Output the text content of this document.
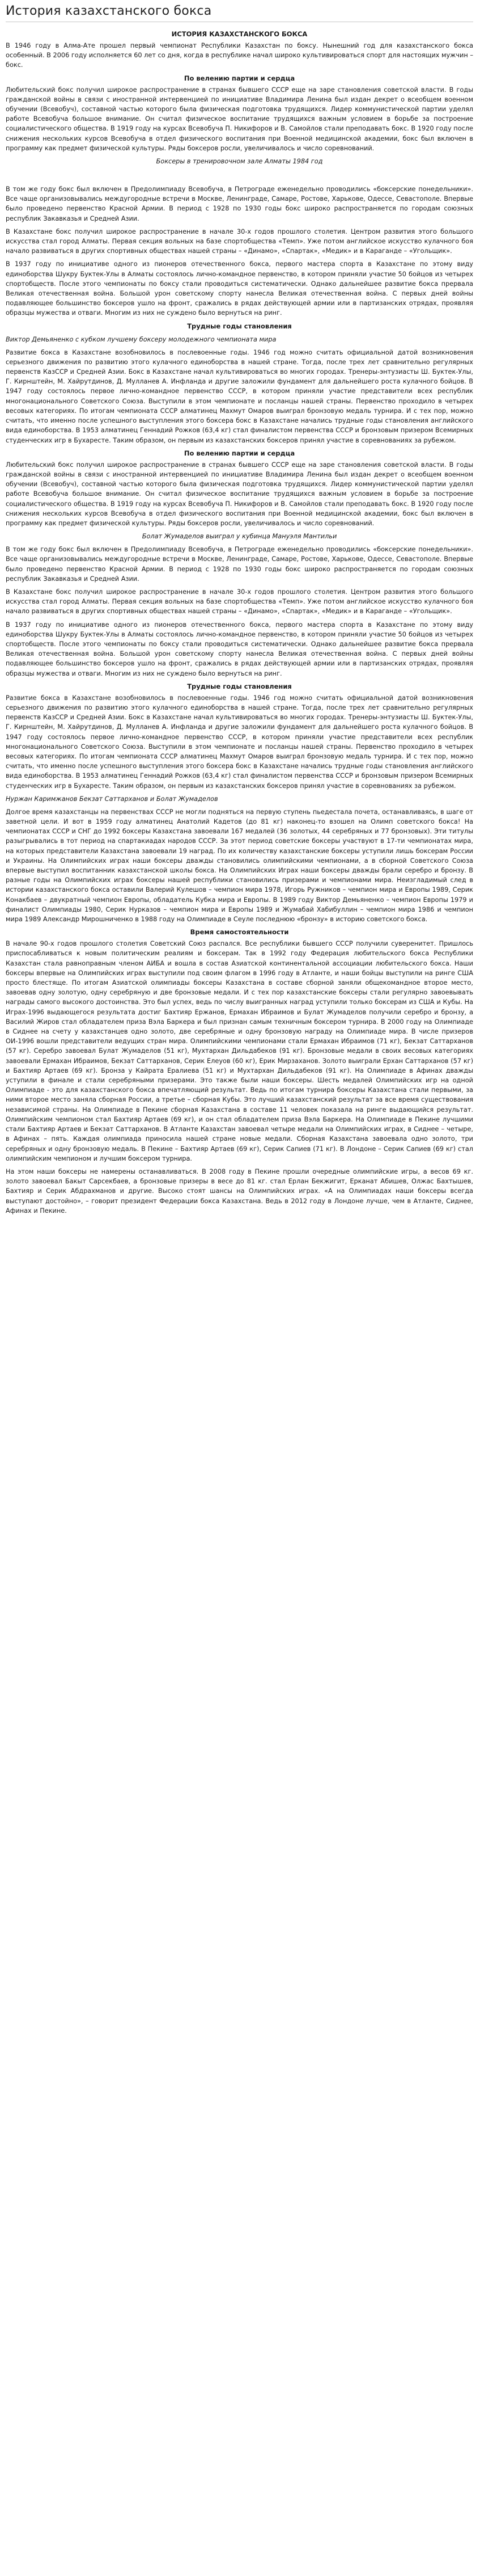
История казахстанского бокса
ИСТОРИЯ КАЗАХСТАНСКОГО БОКСА
В 1946 году в Алма-Ате прошел первый чемпионат Республики Казахстан по боксу. Нынешний год для казахстанского бокса особенный. В 2006 году исполняется 60 лет со дня, когда в республике начал широко культивироваться спорт для настоящих мужчин – бокс.
По велению партии и сердца
Любительский бокс получил широкое распространение в странах бывшего СССР еще на заре становления советской власти. В годы гражданской войны в связи с иностранной интервенцией по инициативе Владимира Ленина был издан декрет о всеобщем военном обучении (Всевобуч), составной частью которого была физическая подготовка трудящихся. Лидер коммунистической партии уделял работе Всевобуча большое внимание. Он считал физическое воспитание трудящихся важным условием в борьбе за построение социалистического общества. В 1919 году на курсах Всевобуча П. Никифоров и В. Самойлов стали преподавать бокс. В 1920 году после снижения нескольких курсов Всевобуча в отдел физического воспитания при Военной медицинской академии, бокс был включен в программу как предмет физической культуры. Ряды боксеров росли, увеличивалось и число соревнований.
Боксеры в тренировочном зале Алматы 1984 год
В том же году бокс был включен в Предолимпиаду Всевобуча, в Петрограде еженедельно проводились «боксерские понедельники». Все чаще организовывались междугородные встречи в Москве, Ленинграде, Самаре, Ростове, Харькове, Одессе, Севастополе. Впервые было проведено первенство Красной Армии. В период с 1928 по 1930 годы бокс широко распространяется по городам союзных республик Закавказья и Средней Азии.
В Казахстане бокс получил широкое распространение в начале 30-х годов прошлого столетия. Центром развития этого большого искусства стал город Алматы. Первая секция вольных на базе спортобщества «Темп». Уже потом английское искусство кулачного боя начало развиваться в других спортивных обществах нашей страны – «Динамо», «Спартак», «Медик» и в Караганде – «Угольщик».
В 1937 году по инициативе одного из пионеров отечественного бокса, первого мастера спорта в Казахстане по этому виду единоборства Шукру Буктек-Улы в Алматы состоялось лично-командное первенство, в котором приняли участие 50 бойцов из четырех спортобществ. После этого чемпионаты по боксу стали проводиться систематически. Однако дальнейшее развитие бокса прервала Великая отечественная война. Большой урон советскому спорту нанесла Великая отечественная война. С первых дней войны подавляющее большинство боксеров ушло на фронт, сражались в рядах действующей армии или в партизанских отрядах, проявляя образцы мужества и отваги. Многим из них не суждено было вернуться на ринг.
Трудные годы становления
Виктор Демьяненко с кубком лучшему боксеру молодежного чемпионата мира
Развитие бокса в Казахстане возобновилось в послевоенные годы. 1946 год можно считать официальной датой возникновения серьезного движения по развитию этого кулачного единоборства в нашей стране. Тогда, после трех лет сравнительно регулярных первенств КазССР и Средней Азии. Бокс в Казахстане начал культивироваться во многих городах. Тренеры-энтузиасты Ш. Буктек-Улы, Г. Кирнштейн, М. Хайрутдинов, Д. Мулланев А. Инфланда и другие заложили фундамент для дальнейшего роста кулачного бойцов. В 1947 году состоялось первое лично-командное первенство СССР, в котором приняли участие представители всех республик многонационального Советского Союза. Выступили в этом чемпионате и посланцы нашей страны. Первенство проходило в четырех весовых категориях. По итогам чемпионата СССР алматинец Махмут Омаров выиграл бронзовую медаль турнира. И с тех пор, можно считать, что именно после успешного выступления этого боксера бокс в Казахстане начались трудные годы становления английского вида единоборства. В 1953 алматинец Геннадий Рожков (63,4 кг) стал финалистом первенства СССР и бронзовым призером Всемирных студенческих игр в Бухаресте. Таким образом, он первым из казахстанских боксеров принял участие в соревнованиях за рубежом.
По велению партии и сердца
Любительский бокс получил широкое распространение в странах бывшего СССР еще на заре становления советской власти. В годы гражданской войны в связи с иностранной интервенцией по инициативе Владимира Ленина был издан декрет о всеобщем военном обучении (Всевобуч), составной частью которого была физическая подготовка трудящихся. Лидер коммунистической партии уделял работе Всевобуча большое внимание. Он считал физическое воспитание трудящихся важным условием в борьбе за построение социалистического общества. В 1919 году на курсах Всевобуча П. Никифоров и В. Самойлов стали преподавать бокс. В 1920 году после снижения нескольких курсов Всевобуча в отдел физического воспитания при Военной медицинской академии, бокс был включен в программу как предмет физической культуры. Ряды боксеров росли, увеличивалось и число соревнований.
Болат Жумаделов выиграл у кубинца Мануэля Мантильи
В том же году бокс был включен в Предолимпиаду Всевобуча, в Петрограде еженедельно проводились «боксерские понедельники». Все чаще организовывались междугородные встречи в Москве, Ленинграде, Самаре, Ростове, Харькове, Одессе, Севастополе. Впервые было проведено первенство Красной Армии. В период с 1928 по 1930 годы бокс широко распространяется по городам союзных республик Закавказья и Средней Азии.
В Казахстане бокс получил широкое распространение в начале 30-х годов прошлого столетия. Центром развития этого большого искусства стал город Алматы. Первая секция вольных на базе спортобщества «Темп». Уже потом английское искусство кулачного боя начало развиваться в других спортивных обществах нашей страны – «Динамо», «Спартак», «Медик» и в Караганде – «Угольщик».
В 1937 году по инициативе одного из пионеров отечественного бокса, первого мастера спорта в Казахстане по этому виду единоборства Шукру Буктек-Улы в Алматы состоялось лично-командное первенство, в котором приняли участие 50 бойцов из четырех спортобществ. После этого чемпионаты по боксу стали проводиться систематически. Однако дальнейшее развитие бокса прервала Великая отечественная война. Большой урон советскому спорту нанесла Великая отечественная война. С первых дней войны подавляющее большинство боксеров ушло на фронт, сражались в рядах действующей армии или в партизанских отрядах, проявляя образцы мужества и отваги. Многим из них не суждено было вернуться на ринг.
Трудные годы становления
Развитие бокса в Казахстане возобновилось в послевоенные годы. 1946 год можно считать официальной датой возникновения серьезного движения по развитию этого кулачного единоборства в нашей стране. Тогда, после трех лет сравнительно регулярных первенств КазССР и Средней Азии. Бокс в Казахстане начал культивироваться во многих городах. Тренеры-энтузиасты Ш. Буктек-Улы, Г. Кирнштейн, М. Хайрутдинов, Д. Мулланев А. Инфланда и другие заложили фундамент для дальнейшего роста кулачного бойцов. В 1947 году состоялось первое лично-командное первенство СССР, в котором приняли участие представители всех республик многонационального Советского Союза. Выступили в этом чемпионате и посланцы нашей страны. Первенство проходило в четырех весовых категориях. По итогам чемпионата СССР алматинец Махмут Омаров выиграл бронзовую медаль турнира. И с тех пор, можно считать, что именно после успешного выступления этого боксера бокс в Казахстане начались трудные годы становления английского вида единоборства. В 1953 алматинец Геннадий Рожков (63,4 кг) стал финалистом первенства СССР и бронзовым призером Всемирных студенческих игр в Бухаресте. Таким образом, он первым из казахстанских боксеров принял участие в соревнованиях за рубежом.
Нуржан Каримжанов Бекзат Саттарханов и Болат Жумаделов
Долгое время казахстанцы на первенствах СССР не могли подняться на первую ступень пьедестала почета, останавливаясь, в шаге от заветной цели. И вот в 1959 году алматинец Анатолий Кадетов (до 81 кг) наконец-то взошел на Олимп советского бокса! На чемпионатах СССР и СНГ до 1992 боксеры Казахстана завоевали 167 медалей (36 золотых, 44 серебряных и 77 бронзовых). Эти титулы разыгрывались в тот период на спартакиадах народов СССР. За этот период советские боксеры участвуют в 17-ти чемпионатах мира, на которых представители Казахстана завоевали 19 наград. По их количеству казахстанские боксеры уступили лишь боксерам России и Украины. На Олимпийских играх наши боксеры дважды становились олимпийскими чемпионами, а в сборной Советского Союза впервые выступил воспитанник казахстанской школы бокса. На Олимпийских Играх наши боксеры дважды брали серебро и бронзу. В разные годы на Олимпийских играх боксеры нашей республики становились призерами и чемпионами мира. Неизгладимый след в истории казахстанского бокса оставили Валерий Кулешов – чемпион мира 1978, Игорь Ружников – чемпион мира и Европы 1989, Серик Конакбаев – двукратный чемпион Европы, обладатель Кубка мира и Европы. В 1989 году Виктор Демьяненко – чемпион Европы 1979 и финалист Олимпиады 1980, Серик Нурказов – чемпион мира и Европы 1989 и Жумабай Хабибуллин – чемпион мира 1986 и чемпион мира 1989 Александр Мирошниченко в 1988 году на Олимпиаде в Сеуле последнюю «бронзу» в историю советского бокса.
Время самостоятельности
В начале 90-х годов прошлого столетия Советский Союз распался. Все республики бывшего СССР получили суверенитет. Пришлось приспосабливаться к новым политическим реалиям и боксерам. Так в 1992 году Федерация любительского бокса Республики Казахстан стала равноправным членом АИБА и вошла в состав Азиатской континентальной ассоциации любительского бокса. Наши боксеры впервые на Олимпийских играх выступили под своим флагом в 1996 году в Атланте, и наши бойцы выступили на ринге США просто блестяще. По итогам Азиатской олимпиады боксеры Казахстана в составе сборной заняли общекомандное второе место, завоевав одну золотую, одну серебряную и две бронзовые медали. И с тех пор казахстанские боксеры стали регулярно завоевывать награды самого высокого достоинства. Это был успех, ведь по числу выигранных наград уступили только боксерам из США и Кубы. На Играх-1996 выдающегося результата достиг Бахтияр Ержанов, Ермахан Ибраимов и Булат Жумаделов получили серебро и бронзу, а Василий Жиров стал обладателем приза Вэла Баркера и был признан самым техничным боксером турнира. В 2000 году на Олимпиаде в Сиднее на счету у казахстанцев одно золото, две серебряные и одну бронзовую награду на Олимпиаде мира. В числе призеров ОИ-1996 вошли представители ведущих стран мира. Олимпийскими чемпионами стали Ермахан Ибраимов (71 кг), Бекзат Саттарханов (57 кг). Серебро завоевал Булат Жумаделов (51 кг), Мухтархан Дильдабеков (91 кг). Бронзовые медали в своих весовых категориях завоевали Ермахан Ибраимов, Бекзат Саттарханов, Серик Елеуов (60 кг), Ерик Мирзаханов. Золото выиграли Ерхан Саттарханов (57 кг) и Бахтияр Артаев (69 кг). Бронза у Кайрата Ералиева (51 кг) и Мухтархан Дильдабеков (91 кг). На Олимпиаде в Афинах дважды уступили в финале и стали серебряными призерами. Это также были наши боксеры. Шесть медалей Олимпийских игр на одной Олимпиаде - это для казахстанского бокса впечатляющий результат. Ведь по итогам турнира боксеры Казахстана стали первыми, за ними второе место заняла сборная России, а третье – сборная Кубы. Это лучший казахстанский результат за все время существования независимой страны. На Олимпиаде в Пекине сборная Казахстана в составе 11 человек показала на ринге выдающийся результат. Олимпийским чемпионом стал Бахтияр Артаев (69 кг), и он стал обладателем приза Вэла Баркера. На Олимпиаде в Пекине лучшими стали Бахтияр Артаев и Бекзат Саттарханов. В Атланте Казахстан завоевал четыре медали на Олимпийских играх, в Сиднее – четыре, в Афинах – пять. Каждая олимпиада приносила нашей стране новые медали. Сборная Казахстана завоевала одно золото, три серебряных и одну бронзовую медаль. В Пекине – Бахтияр Артаев (69 кг), Серик Сапиев (71 кг). В Лондоне – Серик Сапиев (69 кг) стал олимпийским чемпионом и лучшим боксером турнира.
На этом наши боксеры не намерены останавливаться. В 2008 году в Пекине прошли очередные олимпийские игры, а весов 69 кг. золото завоевал Бакыт Сарсекбаев, а бронзовые призеры в весе до 81 кг. стал Ерлан Бекжигит, Ерканат Абишев, Олжас Бахтышев, Бахтияр и Серик Абдрахманов и другие. Высоко стоят шансы на Олимпийских играх. «А на Олимпиадах наши боксеры всегда выступают достойно», – говорит президент Федерации бокса Казахстана. Ведь в 2012 году в Лондоне лучше, чем в Атланте, Сиднее, Афинах и Пекине.
